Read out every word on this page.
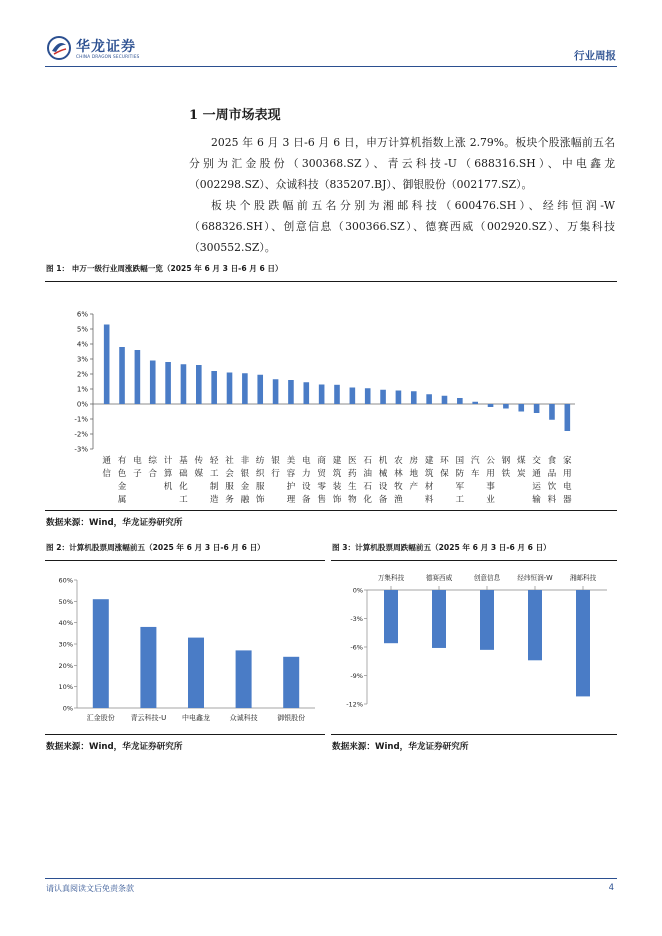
华龙证券
CHINA DRAGON SECURITIES	行业周报
1 一周市场表现
2025 年 6 月 3 日-6 月 6 日，申万计算机指数上涨 2.79%。板块个股涨幅前五名分别为汇金股份（300368.SZ）、青云科技-U（688316.SH）、中电鑫龙（002298.SZ）、众诚科技（835207.BJ）、御银股份（002177.SZ）。
板块个股跌幅前五名分别为湘邮科技（600476.SH）、经纬恒润-W（688326.SH）、创意信息（300366.SZ）、德赛西威（002920.SZ）、万集科技（300552.SZ）。
图 1： 申万一级行业周涨跌幅一览（2025 年 6 月 3 日-6 月 6 日）
6%
5%
4%
3%
2%
1%
0%
-1%
-2%
-3%
通信
有色金属
电子
综合
计算机
基础化工
传媒
轻工制造
社会服务
非银金融
纺织服饰
银行
美容护理
电力设备
商贸零售
建筑装饰
医药生物
石油石化
机械设备
农林牧渔
房地产
建筑材料
环保
国防军工
汽车
公用事业
钢铁
煤炭
交通运输
食品饮料
家用电器
数据来源：Wind，华龙证券研究所
图 2：计算机股票周涨幅前五（2025 年 6 月 3 日-6 月 6 日）
60%
50%
40%
30%
20%
10%
0%
汇金股份 青云科技-U 中电鑫龙	众诚科技	御银股份
数据来源：Wind，华龙证券研究所
图 3：计算机股票周跌幅前五（2025 年 6 月 3 日-6 月 6 日）
0%
-3%
-6%
-9%
-12%
万集科技	德赛西威	创意信息	经纬恒润-W	湘邮科技
数据来源：Wind，华龙证券研究所
请认真阅读文后免责条款	4
